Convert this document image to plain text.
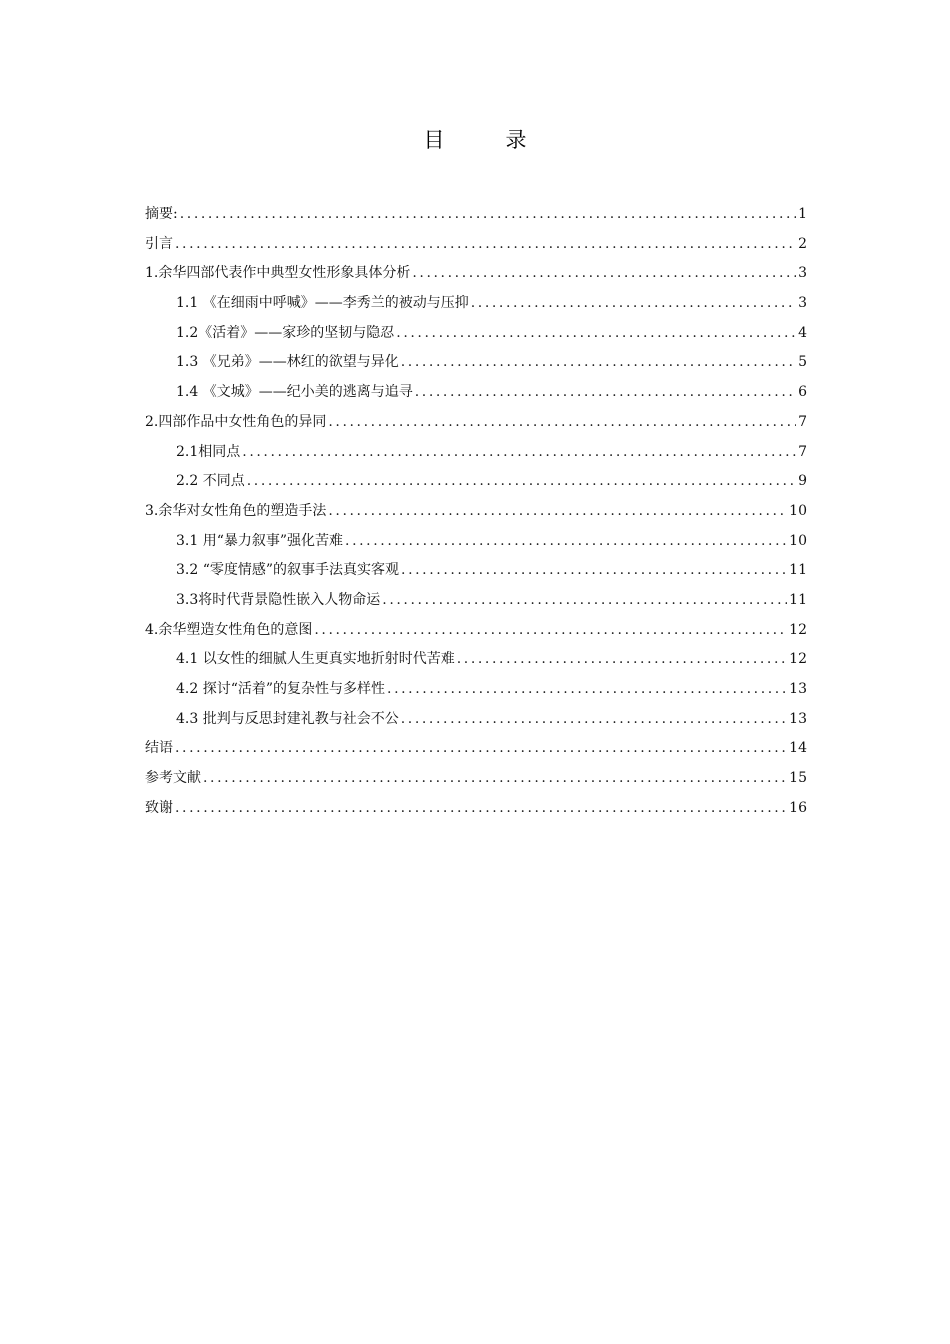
目　录
摘要: .....	1
引言 .....	2
1.余华四部代表作中典型女性形象具体分析 .....	3
1.1 《在细雨中呼喊》——李秀兰的被动与压抑 .....	3
1.2《活着》——家珍的坚韧与隐忍 .....	4
1.3 《兄弟》——林红的欲望与异化 .....	5
1.4 《文城》——纪小美的逃离与追寻 .....	6
2.四部作品中女性角色的异同 .....	7
2.1相同点 .....	7
2.2 不同点 .....	9
3.余华对女性角色的塑造手法 .....	10
3.1 用“暴力叙事”强化苦难 .....	10
3.2 “零度情感”的叙事手法真实客观 .....	11
3.3将时代背景隐性嵌入人物命运 .....	11
4.余华塑造女性角色的意图 .....	12
4.1 以女性的细腻人生更真实地折射时代苦难 .....	12
4.2 探讨“活着”的复杂性与多样性 .....	13
4.3 批判与反思封建礼教与社会不公 .....	13
结语 .....	14
参考文献 .....	15
致谢 .....	16
